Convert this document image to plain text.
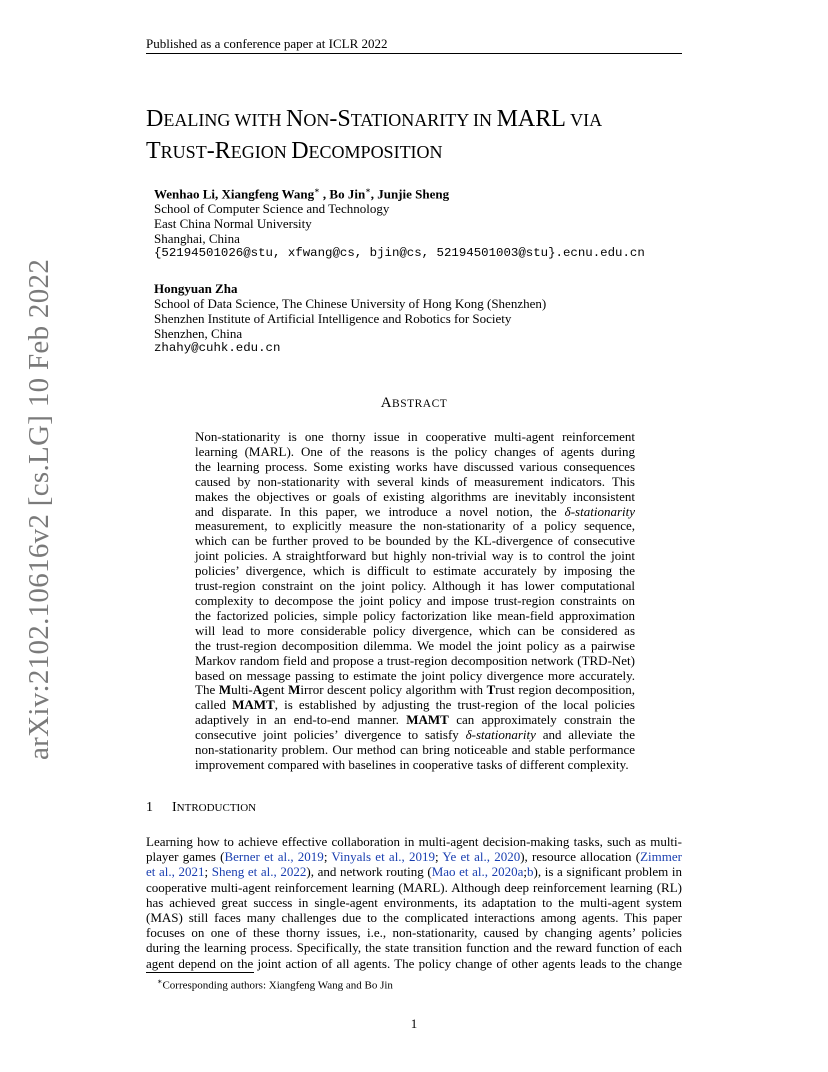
Published as a conference paper at ICLR 2022
arXiv:2102.10616v2 [cs.LG] 10 Feb 2022
DEALING WITH NON-STATIONARITY IN MARL VIA
TRUST-REGION DECOMPOSITION
Wenhao Li, Xiangfeng Wang∗ , Bo Jin∗, Junjie Sheng
School of Computer Science and Technology
East China Normal University
Shanghai, China
{52194501026@stu, xfwang@cs, bjin@cs, 52194501003@stu}.ecnu.edu.cn
Hongyuan Zha
School of Data Science, The Chinese University of Hong Kong (Shenzhen)
Shenzhen Institute of Artificial Intelligence and Robotics for Society
Shenzhen, China
zhahy@cuhk.edu.cn
ABSTRACT
Non-stationarity is one thorny issue in cooperative multi-agent reinforcement
learning (MARL). One of the reasons is the policy changes of agents during
the learning process. Some existing works have discussed various consequences
caused by non-stationarity with several kinds of measurement indicators. This
makes the objectives or goals of existing algorithms are inevitably inconsistent
and disparate. In this paper, we introduce a novel notion, the δ-stationarity
measurement, to explicitly measure the non-stationarity of a policy sequence,
which can be further proved to be bounded by the KL-divergence of consecutive
joint policies. A straightforward but highly non-trivial way is to control the joint
policies’ divergence, which is difficult to estimate accurately by imposing the
trust-region constraint on the joint policy. Although it has lower computational
complexity to decompose the joint policy and impose trust-region constraints on
the factorized policies, simple policy factorization like mean-field approximation
will lead to more considerable policy divergence, which can be considered as
the trust-region decomposition dilemma. We model the joint policy as a pairwise
Markov random field and propose a trust-region decomposition network (TRD-Net)
based on message passing to estimate the joint policy divergence more accurately.
The Multi-Agent Mirror descent policy algorithm with Trust region decomposition,
called MAMT, is established by adjusting the trust-region of the local policies
adaptively in an end-to-end manner. MAMT can approximately constrain the
consecutive joint policies’ divergence to satisfy δ-stationarity and alleviate the
non-stationarity problem. Our method can bring noticeable and stable performance
improvement compared with baselines in cooperative tasks of different complexity.
1 INTRODUCTION
Learning how to achieve effective collaboration in multi-agent decision-making tasks, such as multi-
player games (Berner et al., 2019; Vinyals et al., 2019; Ye et al., 2020), resource allocation (Zimmer
et al., 2021; Sheng et al., 2022), and network routing (Mao et al., 2020a;b), is a significant problem in
cooperative multi-agent reinforcement learning (MARL). Although deep reinforcement learning (RL)
has achieved great success in single-agent environments, its adaptation to the multi-agent system
(MAS) still faces many challenges due to the complicated interactions among agents. This paper
focuses on one of these thorny issues, i.e., non-stationarity, caused by changing agents’ policies
during the learning process. Specifically, the state transition function and the reward function of each
agent depend on the joint action of all agents. The policy change of other agents leads to the change
∗Corresponding authors: Xiangfeng Wang and Bo Jin
1
